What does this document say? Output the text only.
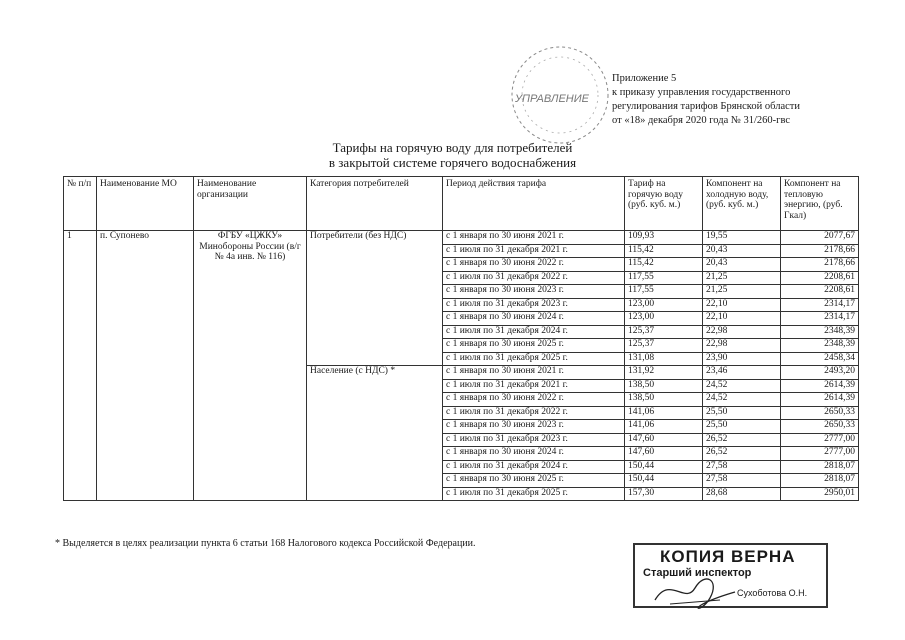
УПРАВЛЕНИЕ
Приложение 5
к приказу управления государственного
регулирования тарифов Брянской области
от «18» декабря 2020 года № 31/260-гвс
Тарифы на горячую воду для потребителей
в закрытой системе горячего водоснабжения
№ п/п	Наименование МО	Наименование организации	Категория потребителей	Период действия тарифа	Тариф на горячую воду (руб. куб. м.)	Компонент на холодную воду, (руб. куб. м.)	Компонент на тепловую энергию, (руб. Гкал)
1	п. Супонево	ФГБУ «ЦЖКУ» Минобороны России (в/г № 4а инв. № 116)	Потребители (без НДС)	с 1 января по 30 июня 2021 г.	109,93	19,55	2077,67
				с 1 июля по 31 декабря 2021 г.	115,42	20,43	2178,66
				с 1 января по 30 июня 2022 г.	115,42	20,43	2178,66
				с 1 июля по 31 декабря 2022 г.	117,55	21,25	2208,61
				с 1 января по 30 июня 2023 г.	117,55	21,25	2208,61
				с 1 июля по 31 декабря 2023 г.	123,00	22,10	2314,17
				с 1 января по 30 июня 2024 г.	123,00	22,10	2314,17
				с 1 июля по 31 декабря 2024 г.	125,37	22,98	2348,39
				с 1 января по 30 июня 2025 г.	125,37	22,98	2348,39
				с 1 июля по 31 декабря 2025 г.	131,08	23,90	2458,34
			Население (с НДС) *	с 1 января по 30 июня 2021 г.	131,92	23,46	2493,20
				с 1 июля по 31 декабря 2021 г.	138,50	24,52	2614,39
				с 1 января по 30 июня 2022 г.	138,50	24,52	2614,39
				с 1 июля по 31 декабря 2022 г.	141,06	25,50	2650,33
				с 1 января по 30 июня 2023 г.	141,06	25,50	2650,33
				с 1 июля по 31 декабря 2023 г.	147,60	26,52	2777,00
				с 1 января по 30 июня 2024 г.	147,60	26,52	2777,00
				с 1 июля по 31 декабря 2024 г.	150,44	27,58	2818,07
				с 1 января по 30 июня 2025 г.	150,44	27,58	2818,07
				с 1 июля по 31 декабря 2025 г.	157,30	28,68	2950,01
* Выделяется в целях реализации пункта 6 статьи 168 Налогового кодекса Российской Федерации.
КОПИЯ ВЕРНА
Старший инспектор
Сухоботова О.Н.
